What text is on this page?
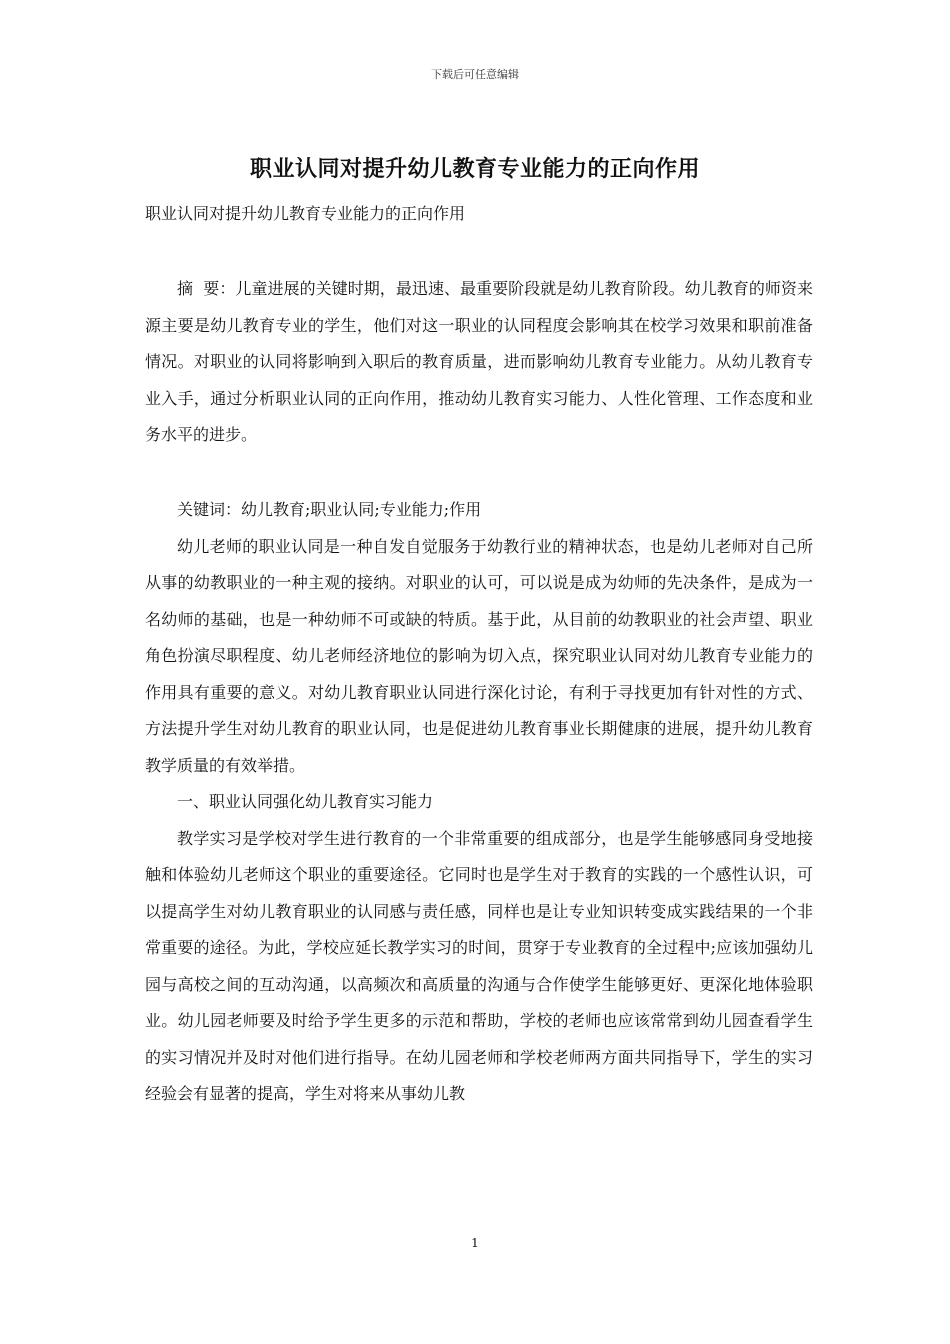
下载后可任意编辑
职业认同对提升幼儿教育专业能力的正向作用
职业认同对提升幼儿教育专业能力的正向作用

摘  要：儿童进展的关键时期，最迅速、最重要阶段就是幼儿教育阶段。幼儿教育的师资来源主要是幼儿教育专业的学生，他们对这一职业的认同程度会影响其在校学习效果和职前准备情况。对职业的认同将影响到入职后的教育质量，进而影响幼儿教育专业能力。从幼儿教育专业入手，通过分析职业认同的正向作用，推动幼儿教育实习能力、人性化管理、工作态度和业务水平的进步。

关键词：幼儿教育;职业认同;专业能力;作用

幼儿老师的职业认同是一种自发自觉服务于幼教行业的精神状态，也是幼儿老师对自己所从事的幼教职业的一种主观的接纳。对职业的认可，可以说是成为幼师的先决条件，是成为一名幼师的基础，也是一种幼师不可或缺的特质。基于此，从目前的幼教职业的社会声望、职业角色扮演尽职程度、幼儿老师经济地位的影响为切入点，探究职业认同对幼儿教育专业能力的作用具有重要的意义。对幼儿教育职业认同进行深化讨论，有利于寻找更加有针对性的方式、方法提升学生对幼儿教育的职业认同，也是促进幼儿教育事业长期健康的进展，提升幼儿教育教学质量的有效举措。

一、职业认同强化幼儿教育实习能力

教学实习是学校对学生进行教育的一个非常重要的组成部分，也是学生能够感同身受地接触和体验幼儿老师这个职业的重要途径。它同时也是学生对于教育的实践的一个感性认识，可以提高学生对幼儿教育职业的认同感与责任感，同样也是让专业知识转变成实践结果的一个非常重要的途径。为此，学校应延长教学实习的时间，贯穿于专业教育的全过程中;应该加强幼儿园与高校之间的互动沟通，以高频次和高质量的沟通与合作使学生能够更好、更深化地体验职业。幼儿园老师要及时给予学生更多的示范和帮助，学校的老师也应该常常到幼儿园查看学生的实习情况并及时对他们进行指导。在幼儿园老师和学校老师两方面共同指导下，学生的实习经验会有显著的提高，学生对将来从事幼儿教

1
